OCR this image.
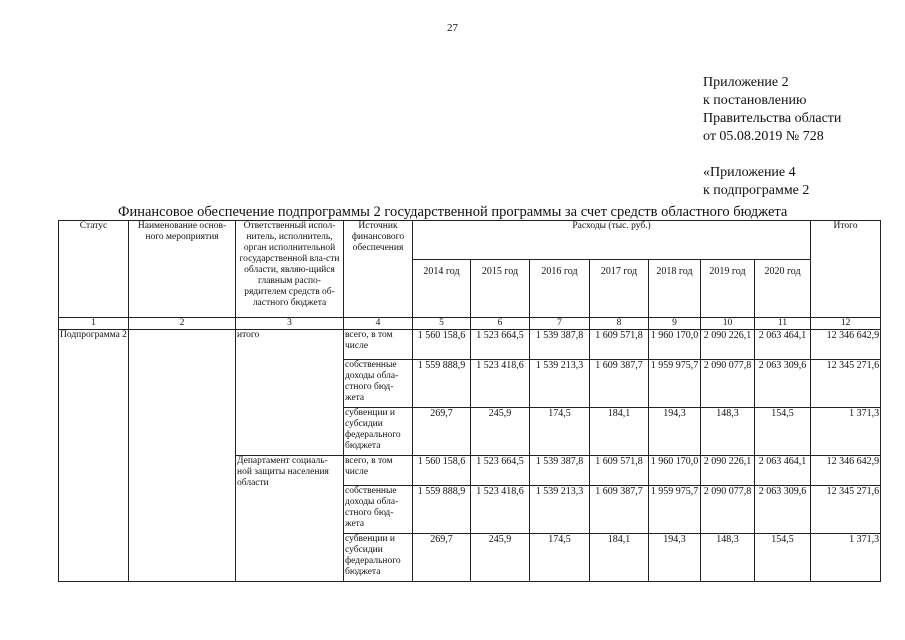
27
Приложение 2
к постановлению
Правительства области
от 05.08.2019 № 728
«Приложение 4
к подпрограмме 2
Финансовое обеспечение подпрограммы 2 государственной программы за счет средств областного бюджета
Статус	Наименование основ-ного мероприятия	Ответственный испол-нитель, исполнитель, орган исполнительной государственной вла-сти области, являю-щийся главным распо-рядителем средств об-ластного бюджета	Источник финансового обеспечения	Расходы (тыс. руб.)							Итого

				2014 год	2015 год	2016 год	2017 год	2018 год	2019 год	2020 год	

1	2	3	4	5	6	7	8	9	10	11	12
Подпрограмма 2		итого	всего, в том числе	1 560 158,6	1 523 664,5	1 539 387,8	1 609 571,8	1 960 170,0	2 090 226,1	2 063 464,1	12 346 642,9
			собственные доходы обла-стного бюд-жета	1 559 888,9	1 523 418,6	1 539 213,3	1 609 387,7	1 959 975,7	2 090 077,8	2 063 309,6	12 345 271,6
			субвенции и субсидии федерального бюджета	269,7	245,9	174,5	184,1	194,3	148,3	154,5	1 371,3
		Департамент социаль-ной защиты населения области	всего, в том числе	1 560 158,6	1 523 664,5	1 539 387,8	1 609 571,8	1 960 170,0	2 090 226,1	2 063 464,1	12 346 642,9
			собственные доходы обла-стного бюд-жета	1 559 888,9	1 523 418,6	1 539 213,3	1 609 387,7	1 959 975,7	2 090 077,8	2 063 309,6	12 345 271,6
			субвенции и субсидии федерального бюджета	269,7	245,9	174,5	184,1	194,3	148,3	154,5	1 371,3
